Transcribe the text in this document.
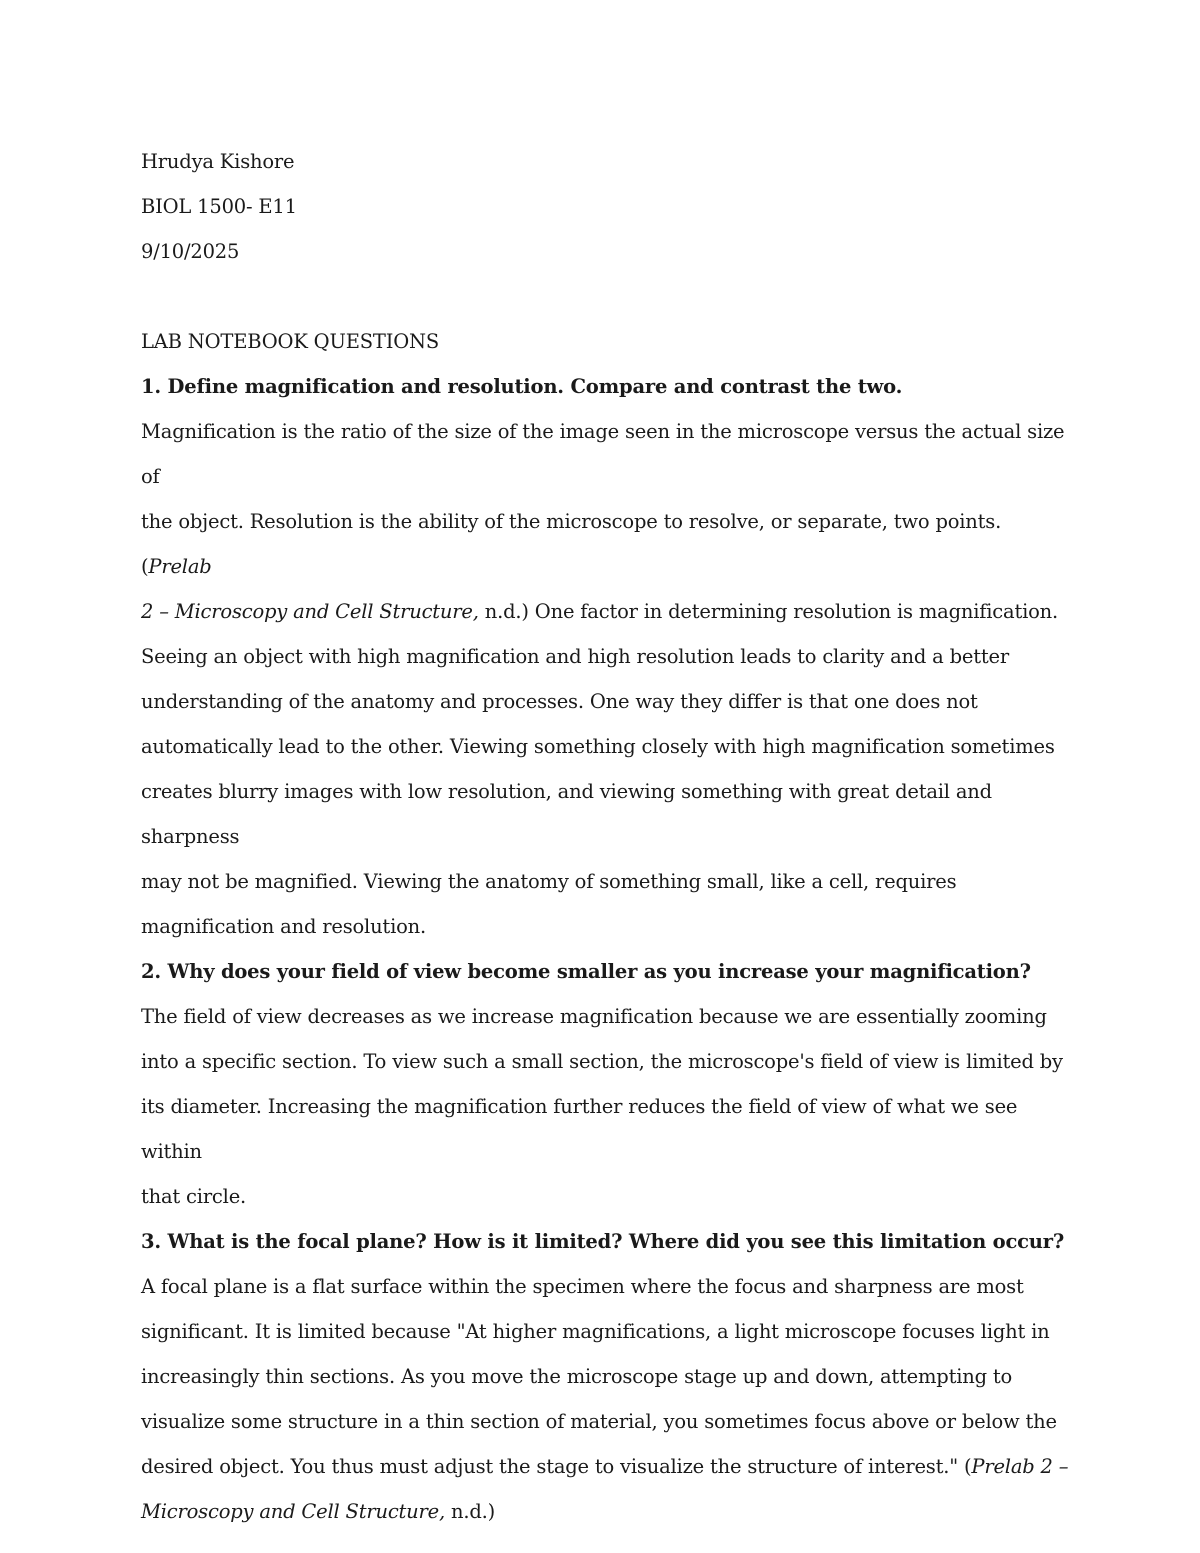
Hrudya Kishore

BIOL 1500- E11

9/10/2025

LAB NOTEBOOK QUESTIONS

1. Define magnification and resolution. Compare and contrast the two.

Magnification is the ratio of the size of the image seen in the microscope versus the actual size of

the object. Resolution is the ability of the microscope to resolve, or separate, two points. (Prelab

2 – Microscopy and Cell Structure, n.d.) One factor in determining resolution is magnification.

Seeing an object with high magnification and high resolution leads to clarity and a better

understanding of the anatomy and processes. One way they differ is that one does not

automatically lead to the other. Viewing something closely with high magnification sometimes

creates blurry images with low resolution, and viewing something with great detail and sharpness

may not be magnified. Viewing the anatomy of something small, like a cell, requires

magnification and resolution.

2. Why does your field of view become smaller as you increase your magnification?

The field of view decreases as we increase magnification because we are essentially zooming

into a specific section. To view such a small section, the microscope's field of view is limited by

its diameter. Increasing the magnification further reduces the field of view of what we see within

that circle.

3. What is the focal plane? How is it limited? Where did you see this limitation occur?

A focal plane is a flat surface within the specimen where the focus and sharpness are most

significant. It is limited because "At higher magnifications, a light microscope focuses light in

increasingly thin sections. As you move the microscope stage up and down, attempting to

visualize some structure in a thin section of material, you sometimes focus above or below the

desired object. You thus must adjust the stage to visualize the structure of interest." (Prelab 2 –

Microscopy and Cell Structure, n.d.)
